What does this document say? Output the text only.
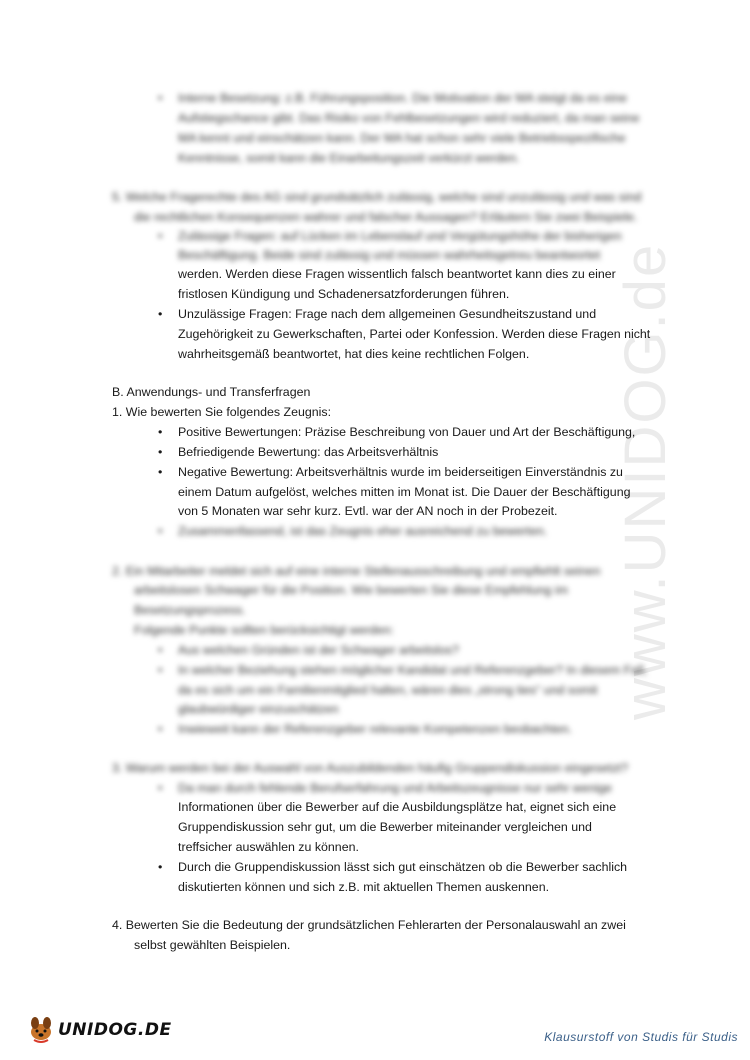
www.UNIDOG.de
• Interne Besetzung: z.B. Führungsposition. Die Motivation der MA steigt da es eine
Aufstiegschance gibt. Das Risiko von Fehlbesetzungen wird reduziert, da man seine
MA kennt und einschätzen kann. Der MA hat schon sehr viele Betriebsspezifische
Kenntnisse, somit kann die Einarbeitungszeit verkürzt werden.
5. Welche Fragerechte des AG sind grundsätzlich zulässig, welche sind unzulässig und was sind
die rechtlichen Konsequenzen wahrer und falscher Aussagen? Erläutern Sie zwei Beispiele.
• Zulässige Fragen: auf Lücken im Lebenslauf und Vergütungshöhe der bisherigen
Beschäftigung. Beide sind zulässig und müssen wahrheitsgetreu beantwortet
werden. Werden diese Fragen wissentlich falsch beantwortet kann dies zu einer
fristlosen Kündigung und Schadenersatzforderungen führen.
• Unzulässige Fragen: Frage nach dem allgemeinen Gesundheitszustand und
Zugehörigkeit zu Gewerkschaften, Partei oder Konfession. Werden diese Fragen nicht
wahrheitsgemäß beantwortet, hat dies keine rechtlichen Folgen.
B. Anwendungs- und Transferfragen
1. Wie bewerten Sie folgendes Zeugnis:
• Positive Bewertungen: Präzise Beschreibung von Dauer und Art der Beschäftigung,
• Befriedigende Bewertung: das Arbeitsverhältnis
• Negative Bewertung: Arbeitsverhältnis wurde im beiderseitigen Einverständnis zu
einem Datum aufgelöst, welches mitten im Monat ist. Die Dauer der Beschäftigung
von 5 Monaten war sehr kurz. Evtl. war der AN noch in der Probezeit.
• Zusammenfassend, ist das Zeugnis eher ausreichend zu bewerten.
2. Ein Mitarbeiter meldet sich auf eine interne Stellenausschreibung und empfiehlt seinen
arbeitslosen Schwager für die Position. Wie bewerten Sie diese Empfehlung im
Besetzungsprozess.
Folgende Punkte sollten berücksichtigt werden:
• Aus welchen Gründen ist der Schwager arbeitslos?
• In welcher Beziehung stehen möglicher Kandidat und Referenzgeber? In diesem Fall,
da es sich um ein Familienmitglied halten, wären dies „strong ties“ und somit
glaubwürdiger einzuschätzen
• Inwieweit kann der Referenzgeber relevante Kompetenzen beobachten.
3. Warum werden bei der Auswahl von Auszubildenden häufig Gruppendiskussion eingesetzt?
• Da man durch fehlende Berufserfahrung und Arbeitszeugnisse nur sehr wenige
Informationen über die Bewerber auf die Ausbildungsplätze hat, eignet sich eine
Gruppendiskussion sehr gut, um die Bewerber miteinander vergleichen und
treffsicher auswählen zu können.
• Durch die Gruppendiskussion lässt sich gut einschätzen ob die Bewerber sachlich
diskutierten können und sich z.B. mit aktuellen Themen auskennen.
4. Bewerten Sie die Bedeutung der grundsätzlichen Fehlerarten der Personalauswahl an zwei
selbst gewählten Beispielen.
UNIDOG.DE	Klausurstoff von Studis für Studis
